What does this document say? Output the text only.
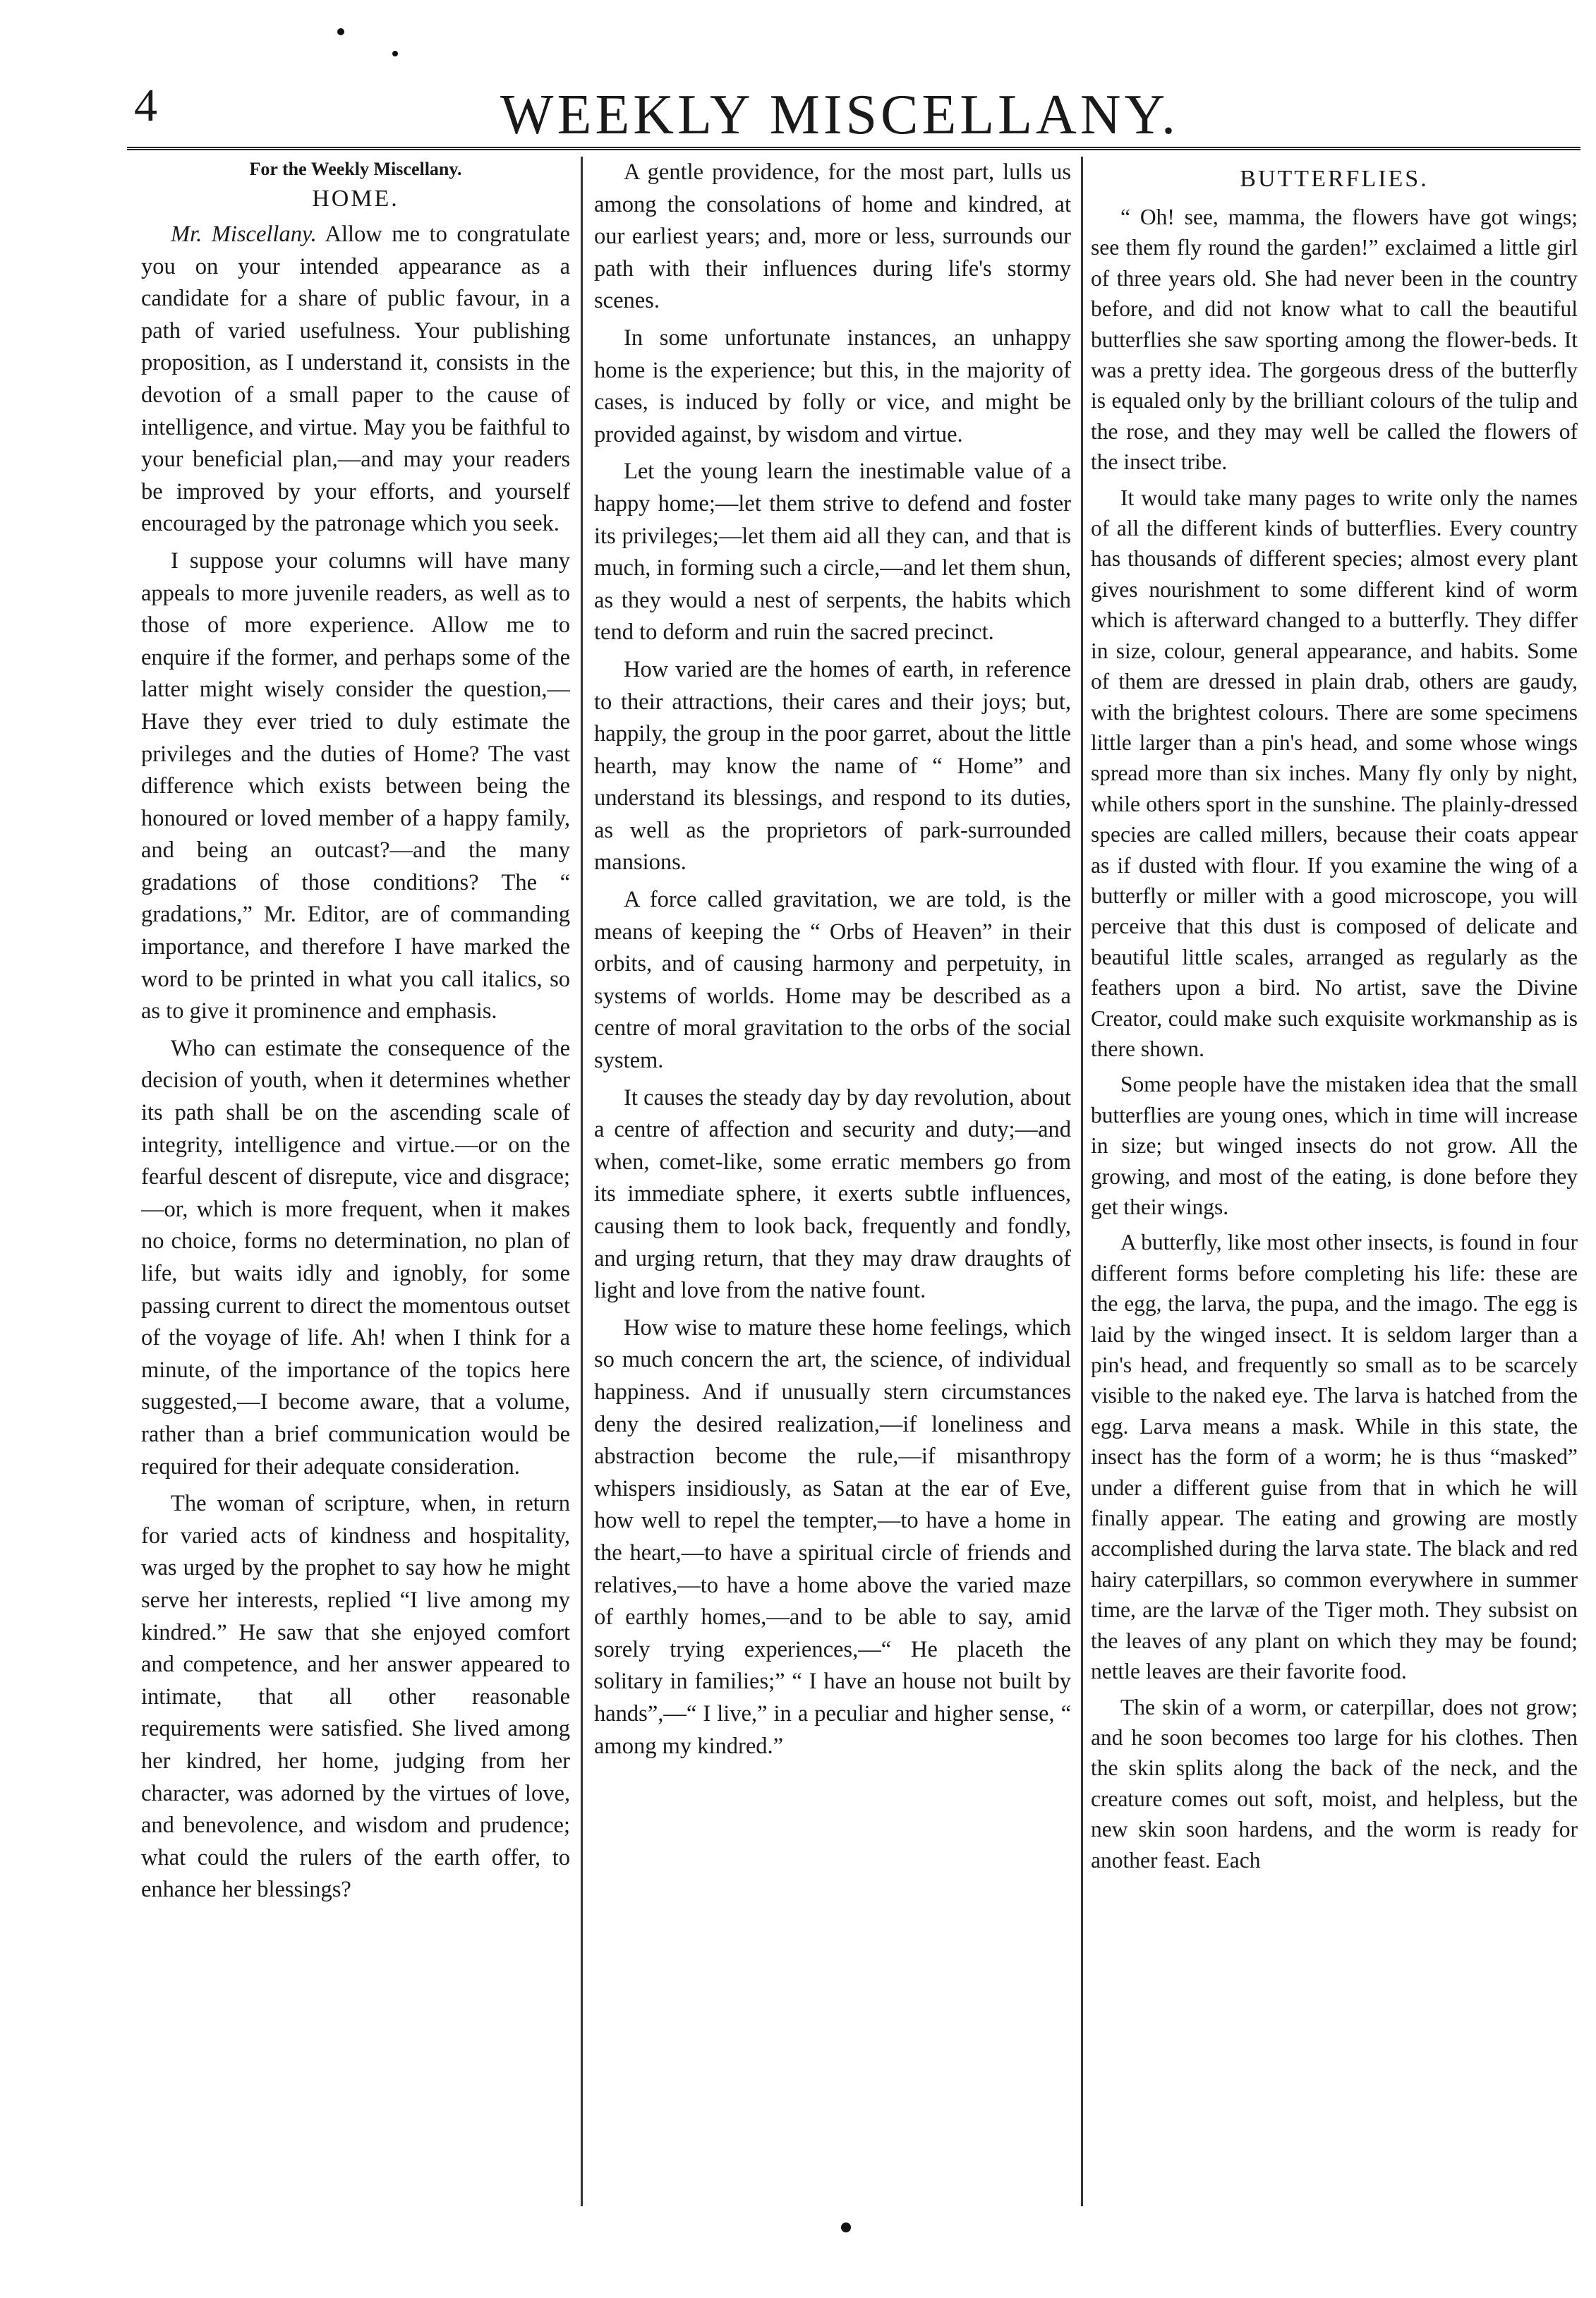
4	WEEKLY MISCELLANY.
For the Weekly Miscellany.
HOME.

Mr. Miscellany. Allow me to congratulate you on your intended appearance as a candidate for a share of public favour, in a path of varied usefulness. Your publishing proposition, as I understand it, consists in the devotion of a small paper to the cause of intelligence, and virtue. May you be faithful to your beneficial plan,—and may your readers be improved by your efforts, and yourself encouraged by the patronage which you seek.

I suppose your columns will have many appeals to more juvenile readers, as well as to those of more experience. Allow me to enquire if the former, and perhaps some of the latter might wisely consider the question,—Have they ever tried to duly estimate the privileges and the duties of Home? The vast difference which exists between being the honoured or loved member of a happy family, and being an outcast?—and the many gradations of those conditions? The “ gradations,” Mr. Editor, are of commanding importance, and therefore I have marked the word to be printed in what you call italics, so as to give it prominence and emphasis.

Who can estimate the consequence of the decision of youth, when it determines whether its path shall be on the ascending scale of integrity, intelligence and virtue.—or on the fearful descent of disrepute, vice and disgrace;—or, which is more frequent, when it makes no choice, forms no determination, no plan of life, but waits idly and ignobly, for some passing current to direct the momentous outset of the voyage of life. Ah! when I think for a minute, of the importance of the topics here suggested,—I become aware, that a volume, rather than a brief communication would be required for their adequate consideration.

The woman of scripture, when, in return for varied acts of kindness and hospitality, was urged by the prophet to say how he might serve her interests, replied “I live among my kindred.” He saw that she enjoyed comfort and competence, and her answer appeared to intimate, that all other reasonable requirements were satisfied. She lived among her kindred, her home, judging from her character, was adorned by the virtues of love, and benevolence, and wisdom and prudence; what could the rulers of the earth offer, to enhance her blessings?

A gentle providence, for the most part, lulls us among the consolations of home and kindred, at our earliest years; and, more or less, surrounds our path with their influences during life's stormy scenes.

In some unfortunate instances, an unhappy home is the experience; but this, in the majority of cases, is induced by folly or vice, and might be provided against, by wisdom and virtue.

Let the young learn the inestimable value of a happy home;—let them strive to defend and foster its privileges;—let them aid all they can, and that is much, in forming such a circle,—and let them shun, as they would a nest of serpents, the habits which tend to deform and ruin the sacred precinct.

How varied are the homes of earth, in reference to their attractions, their cares and their joys; but, happily, the group in the poor garret, about the little hearth, may know the name of “ Home” and understand its blessings, and respond to its duties, as well as the proprietors of park-surrounded mansions.

A force called gravitation, we are told, is the means of keeping the “ Orbs of Heaven” in their orbits, and of causing harmony and perpetuity, in systems of worlds. Home may be described as a centre of moral gravitation to the orbs of the social system.

It causes the steady day by day revolution, about a centre of affection and security and duty;—and when, comet-like, some erratic members go from its immediate sphere, it exerts subtle influences, causing them to look back, frequently and fondly, and urging return, that they may draw draughts of light and love from the native fount.

How wise to mature these home feelings, which so much concern the art, the science, of individual happiness. And if unusually stern circumstances deny the desired realization,—if loneliness and abstraction become the rule,—if misanthropy whispers insidiously, as Satan at the ear of Eve, how well to repel the tempter,—to have a home in the heart,—to have a spiritual circle of friends and relatives,—to have a home above the varied maze of earthly homes,—and to be able to say, amid sorely trying experiences,—“ He placeth the solitary in families;” “ I have an house not built by hands”,—“ I live,” in a peculiar and higher sense, “ among my kindred.”

BUTTERFLIES.

“ Oh! see, mamma, the flowers have got wings; see them fly round the garden!” exclaimed a little girl of three years old. She had never been in the country before, and did not know what to call the beautiful butterflies she saw sporting among the flower-beds. It was a pretty idea. The gorgeous dress of the butterfly is equaled only by the brilliant colours of the tulip and the rose, and they may well be called the flowers of the insect tribe.

It would take many pages to write only the names of all the different kinds of butterflies. Every country has thousands of different species; almost every plant gives nourishment to some different kind of worm which is afterward changed to a butterfly. They differ in size, colour, general appearance, and habits. Some of them are dressed in plain drab, others are gaudy, with the brightest colours. There are some specimens little larger than a pin's head, and some whose wings spread more than six inches. Many fly only by night, while others sport in the sunshine. The plainly-dressed species are called millers, because their coats appear as if dusted with flour. If you examine the wing of a butterfly or miller with a good microscope, you will perceive that this dust is composed of delicate and beautiful little scales, arranged as regularly as the feathers upon a bird. No artist, save the Divine Creator, could make such exquisite workmanship as is there shown.

Some people have the mistaken idea that the small butterflies are young ones, which in time will increase in size; but winged insects do not grow. All the growing, and most of the eating, is done before they get their wings.

A butterfly, like most other insects, is found in four different forms before completing his life: these are the egg, the larva, the pupa, and the imago. The egg is laid by the winged insect. It is seldom larger than a pin's head, and frequently so small as to be scarcely visible to the naked eye. The larva is hatched from the egg. Larva means a mask. While in this state, the insect has the form of a worm; he is thus “masked” under a different guise from that in which he will finally appear. The eating and growing are mostly accomplished during the larva state. The black and red hairy caterpillars, so common everywhere in summer time, are the larvæ of the Tiger moth. They subsist on the leaves of any plant on which they may be found; nettle leaves are their favorite food.

The skin of a worm, or caterpillar, does not grow; and he soon becomes too large for his clothes. Then the skin splits along the back of the neck, and the creature comes out soft, moist, and helpless, but the new skin soon hardens, and the worm is ready for another feast. Each
